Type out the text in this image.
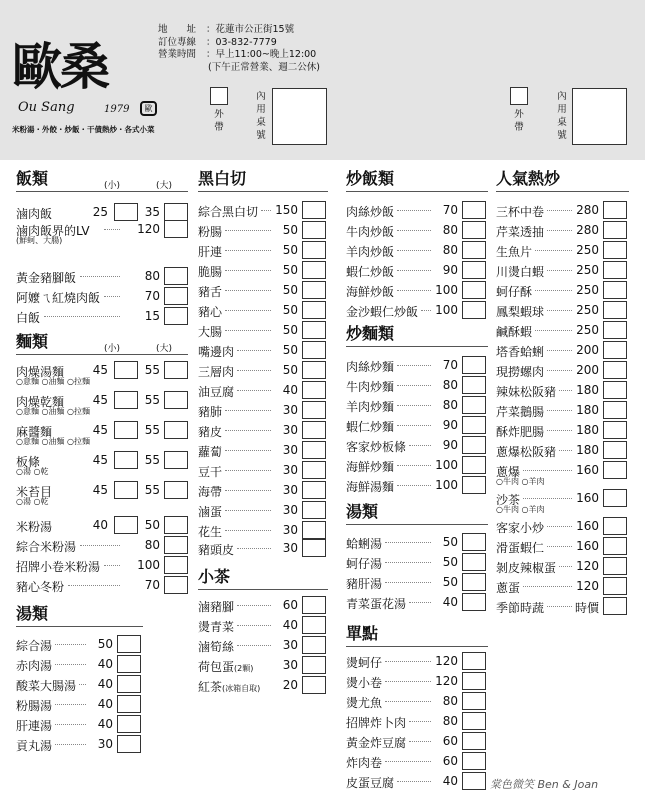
歐桑
Ou Sang	1979	歐
米粉湯・外餃・炒飯・干債熱炒・各式小菜
地　　址 ：花蓮市公正街15號
訂位專線 ：03-832-7779
營業時間 ：早上11:00~晚上12:00
(下午正常營業、週二公休)
外帶
內用桌號
外帶
內用桌號
飯類	(小)	(大)
滷肉飯	25	35
滷肉飯界的LV	120
(鮮蚵、大腸)
黃金豬腳飯	80
阿嬤ㄟ紅燒肉飯	70
白飯	15
麵類	(小)	(大)
肉燥湯麵	45	55
○意麵 ○油麵 ○拉麵
肉燥乾麵	45	55
○意麵 ○油麵 ○拉麵
麻醬麵	45	55
○意麵 ○油麵 ○拉麵
板條	45	55
○湯 ○乾
米苔目	45	55
○湯 ○乾
米粉湯	40	50
綜合米粉湯	80
招牌小卷米粉湯	100
豬心冬粉	70
湯類
綜合湯	50
赤肉湯	40
酸菜大腸湯	40
粉腸湯	40
肝連湯	40
貢丸湯	30
黑白切
綜合黑白切	150
粉腸	50
肝連	50
脆腸	50
豬舌	50
豬心	50
大腸	50
嘴邊肉	50
三層肉	50
油豆腐	40
豬肺	30
豬皮	30
蘿蔔	30
豆干	30
海帶	30
滷蛋	30
花生	30
豬頭皮	30
小茶
滷豬腳	60
燙青菜	40
滷筍絲	30
荷包蛋(2顆)	30
紅茶(冰箱自取)	20
炒飯類
肉絲炒飯	70
牛肉炒飯	80
羊肉炒飯	80
蝦仁炒飯	90
海鮮炒飯	100
金沙蝦仁炒飯	100
炒麵類
肉絲炒麵	70
牛肉炒麵	80
羊肉炒麵	80
蝦仁炒麵	90
客家炒板條	90
海鮮炒麵	100
海鮮湯麵	100
湯類
蛤蜊湯	50
蚵仔湯	50
豬肝湯	50
青菜蛋花湯	40
單點
燙蚵仔	120
燙小卷	120
燙尤魚	80
招牌炸卜肉	80
黃金炸豆腐	60
炸肉卷	60
皮蛋豆腐	40
人氣熱炒
三杯中卷	280
芹菜透抽	280
生魚片	250
川燙白蝦	250
蚵仔酥	250
鳳梨蝦球	250
鹹酥蝦	250
塔香蛤蜊	200
現撈螺肉	200
辣妹松阪豬	180
芹菜鵝腸	180
酥炸肥腸	180
蔥爆松阪豬	180
蔥爆	160
○牛肉 ○羊肉
沙茶	160
○牛肉 ○羊肉
客家小炒	160
滑蛋蝦仁	160
剝皮辣椒蛋	120
蔥蛋	120
季節時蔬	時價
棠色微笑 Ben & Joan
